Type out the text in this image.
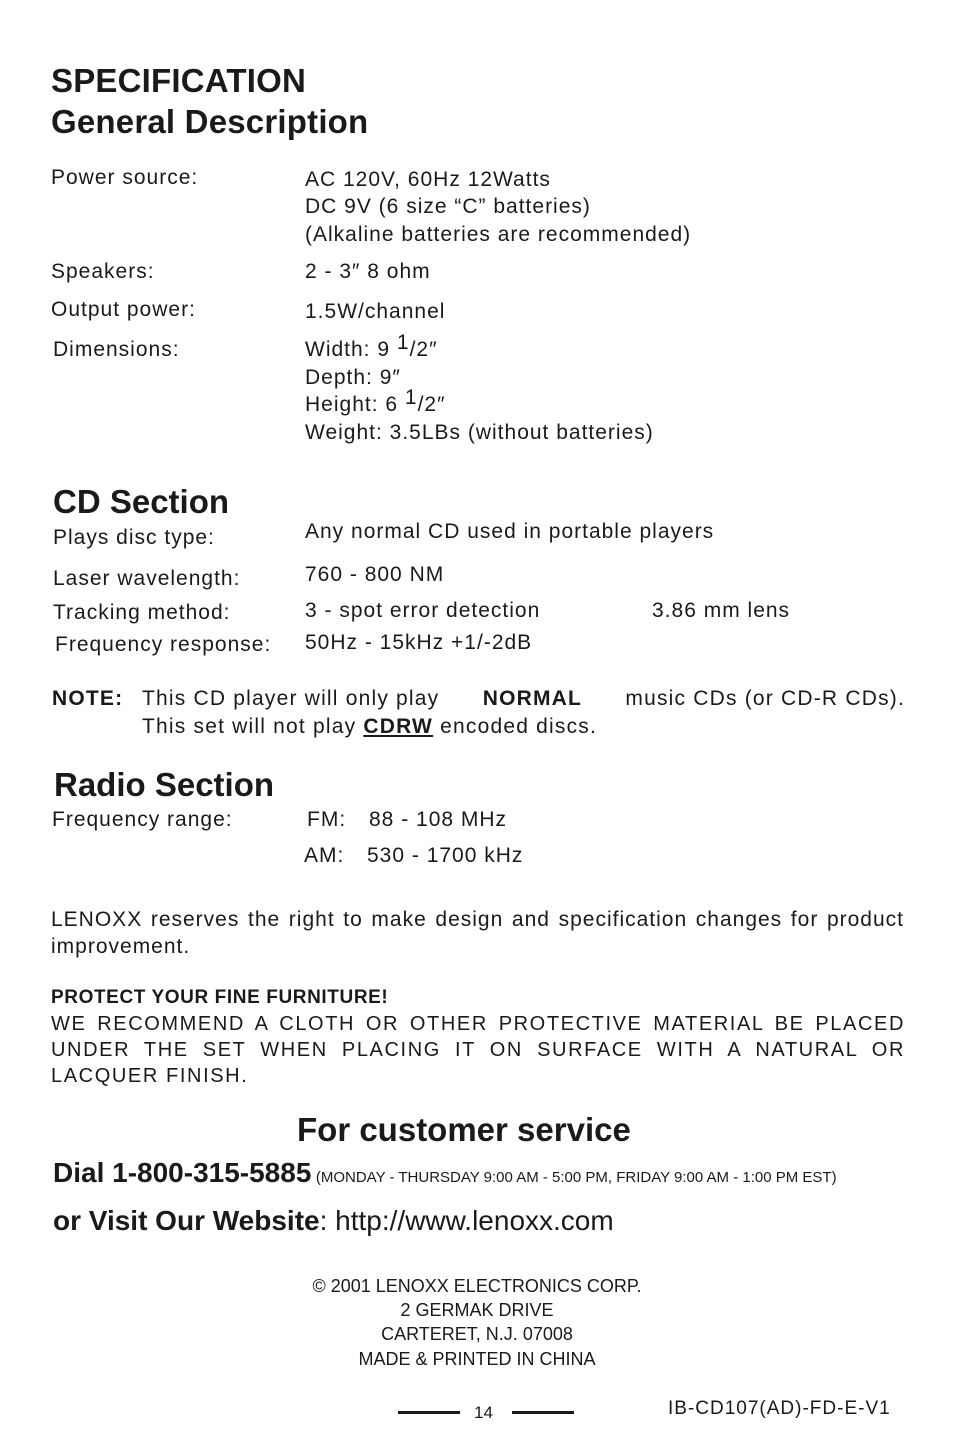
SPECIFICATION
General Description
Power source:	AC 120V, 60Hz 12Watts
DC 9V (6 size “C” batteries)
(Alkaline batteries are recommended)
Speakers:	2 - 3″ 8 ohm
Output power:	1.5W/channel
Dimensions:	Width: 9 1/2″
Depth: 9″
Height: 6 1/2″
Weight: 3.5LBs (without batteries)
CD Section
Plays disc type:	Any normal CD used in portable players
Laser wavelength:	760 - 800 NM
Tracking method:	3 - spot error detection	3.86 mm lens
Frequency response: 50Hz - 15kHz +1/-2dB
NOTE: This CD player will only play NORMAL music CDs (or CD-R CDs).
This set will not play CDRW encoded discs.
Radio Section
Frequency range:	FM: 88 - 108 MHz
AM: 530 - 1700 kHz
LENOXX reserves the right to make design and specification changes for product improvement.
PROTECT YOUR FINE FURNITURE!
WE RECOMMEND A CLOTH OR OTHER PROTECTIVE MATERIAL BE PLACED UNDER THE SET WHEN PLACING IT ON SURFACE WITH A NATURAL OR LACQUER FINISH.
For customer service
Dial 1-800-315-5885 (MONDAY - THURSDAY 9:00 AM - 5:00 PM, FRIDAY 9:00 AM - 1:00 PM EST)
or Visit Our Website: http://www.lenoxx.com
© 2001 LENOXX ELECTRONICS CORP.
2 GERMAK DRIVE
CARTERET, N.J. 07008
MADE & PRINTED IN CHINA
14	IB-CD107(AD)-FD-E-V1
